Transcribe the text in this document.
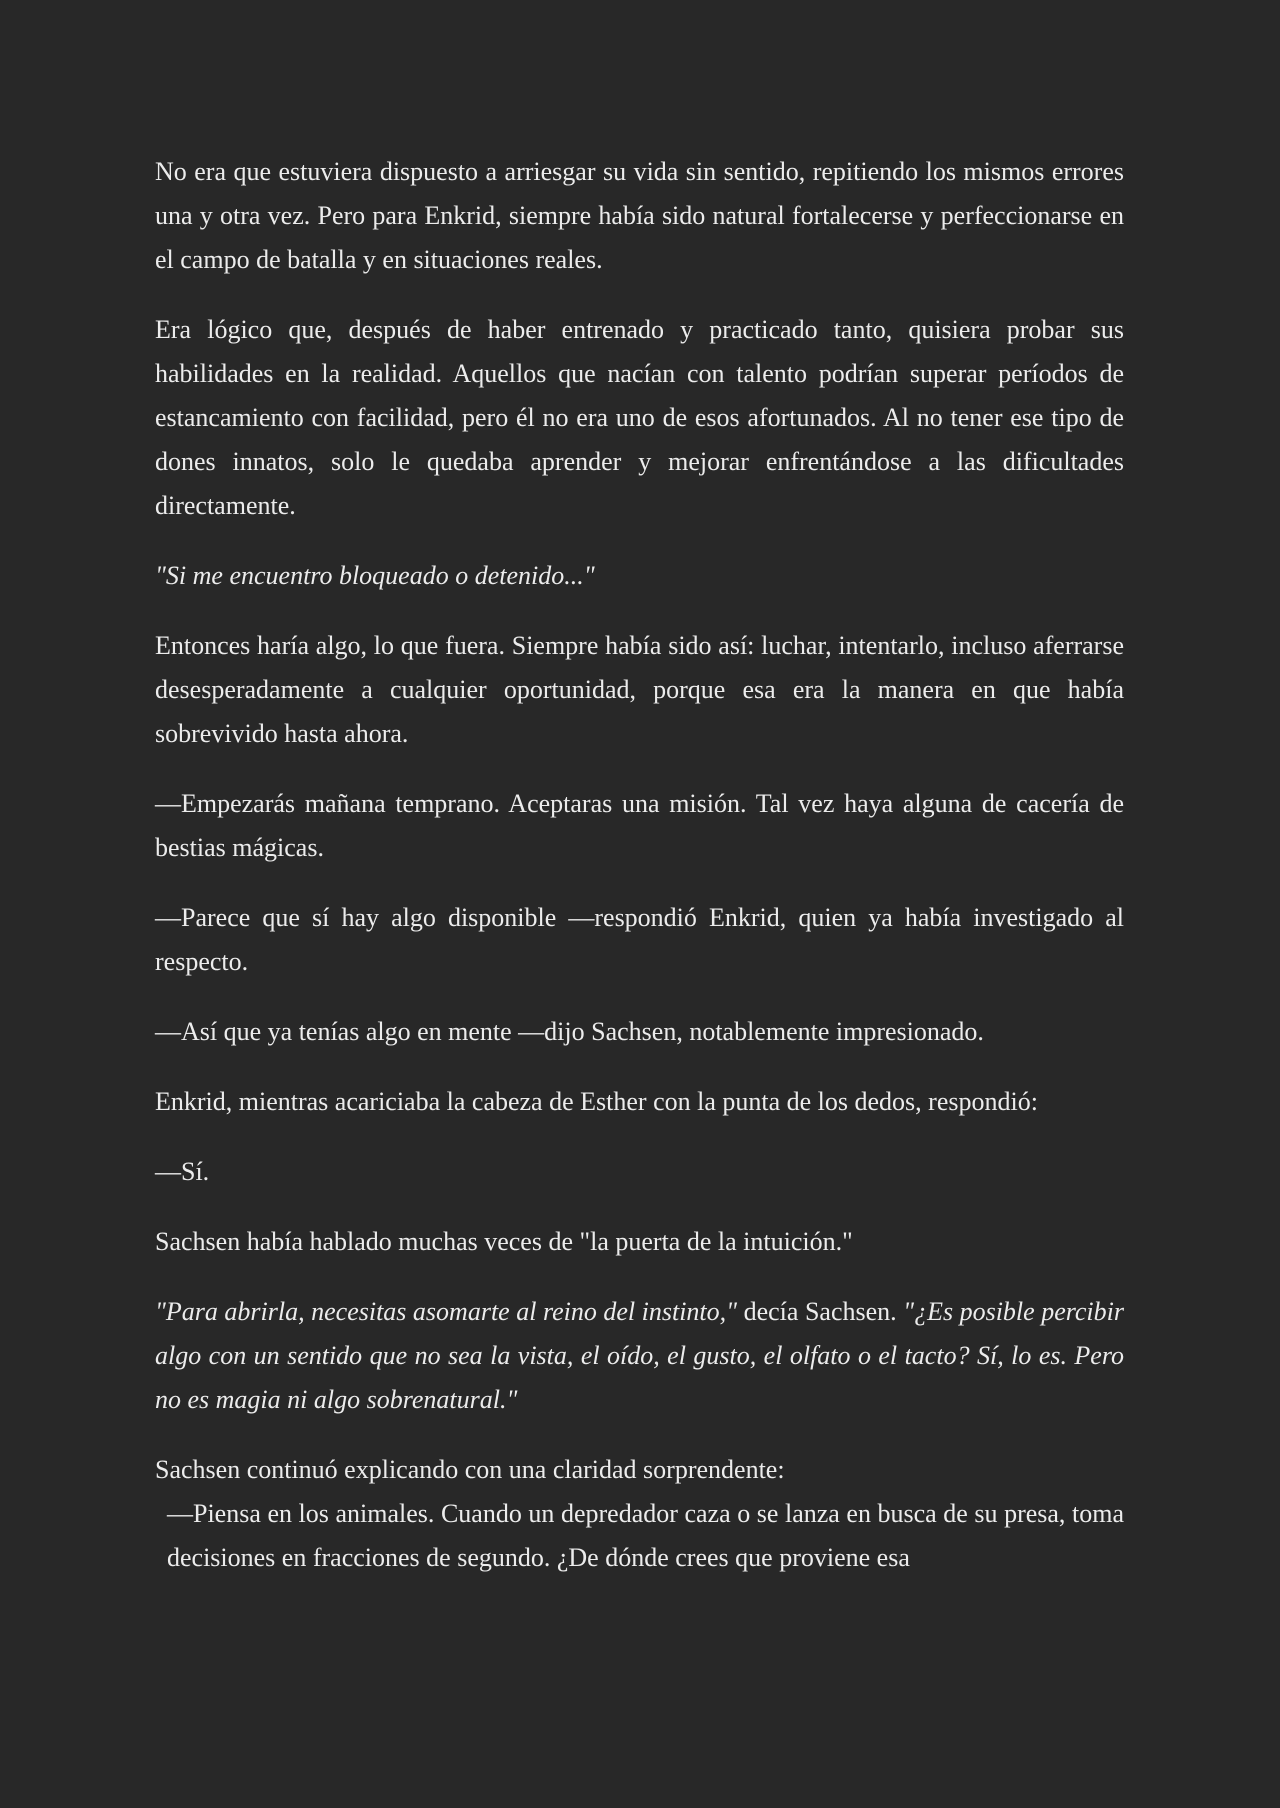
No era que estuviera dispuesto a arriesgar su vida sin sentido, repitiendo los mismos errores una y otra vez. Pero para Enkrid, siempre había sido natural fortalecerse y perfeccionarse en el campo de batalla y en situaciones reales.

Era lógico que, después de haber entrenado y practicado tanto, quisiera probar sus habilidades en la realidad. Aquellos que nacían con talento podrían superar períodos de estancamiento con facilidad, pero él no era uno de esos afortunados. Al no tener ese tipo de dones innatos, solo le quedaba aprender y mejorar enfrentándose a las dificultades directamente.

"Si me encuentro bloqueado o detenido..."

Entonces haría algo, lo que fuera. Siempre había sido así: luchar, intentarlo, incluso aferrarse desesperadamente a cualquier oportunidad, porque esa era la manera en que había sobrevivido hasta ahora.

—Empezarás mañana temprano. Aceptaras una misión. Tal vez haya alguna de cacería de bestias mágicas.

—Parece que sí hay algo disponible —respondió Enkrid, quien ya había investigado al respecto.

—Así que ya tenías algo en mente —dijo Sachsen, notablemente impresionado.

Enkrid, mientras acariciaba la cabeza de Esther con la punta de los dedos, respondió:

—Sí.

Sachsen había hablado muchas veces de "la puerta de la intuición."

"Para abrirla, necesitas asomarte al reino del instinto," decía Sachsen. "¿Es posible percibir algo con un sentido que no sea la vista, el oído, el gusto, el olfato o el tacto? Sí, lo es. Pero no es magia ni algo sobrenatural."

Sachsen continuó explicando con una claridad sorprendente:

—Piensa en los animales. Cuando un depredador caza o se lanza en busca de su presa, toma decisiones en fracciones de segundo. ¿De dónde crees que proviene esa
